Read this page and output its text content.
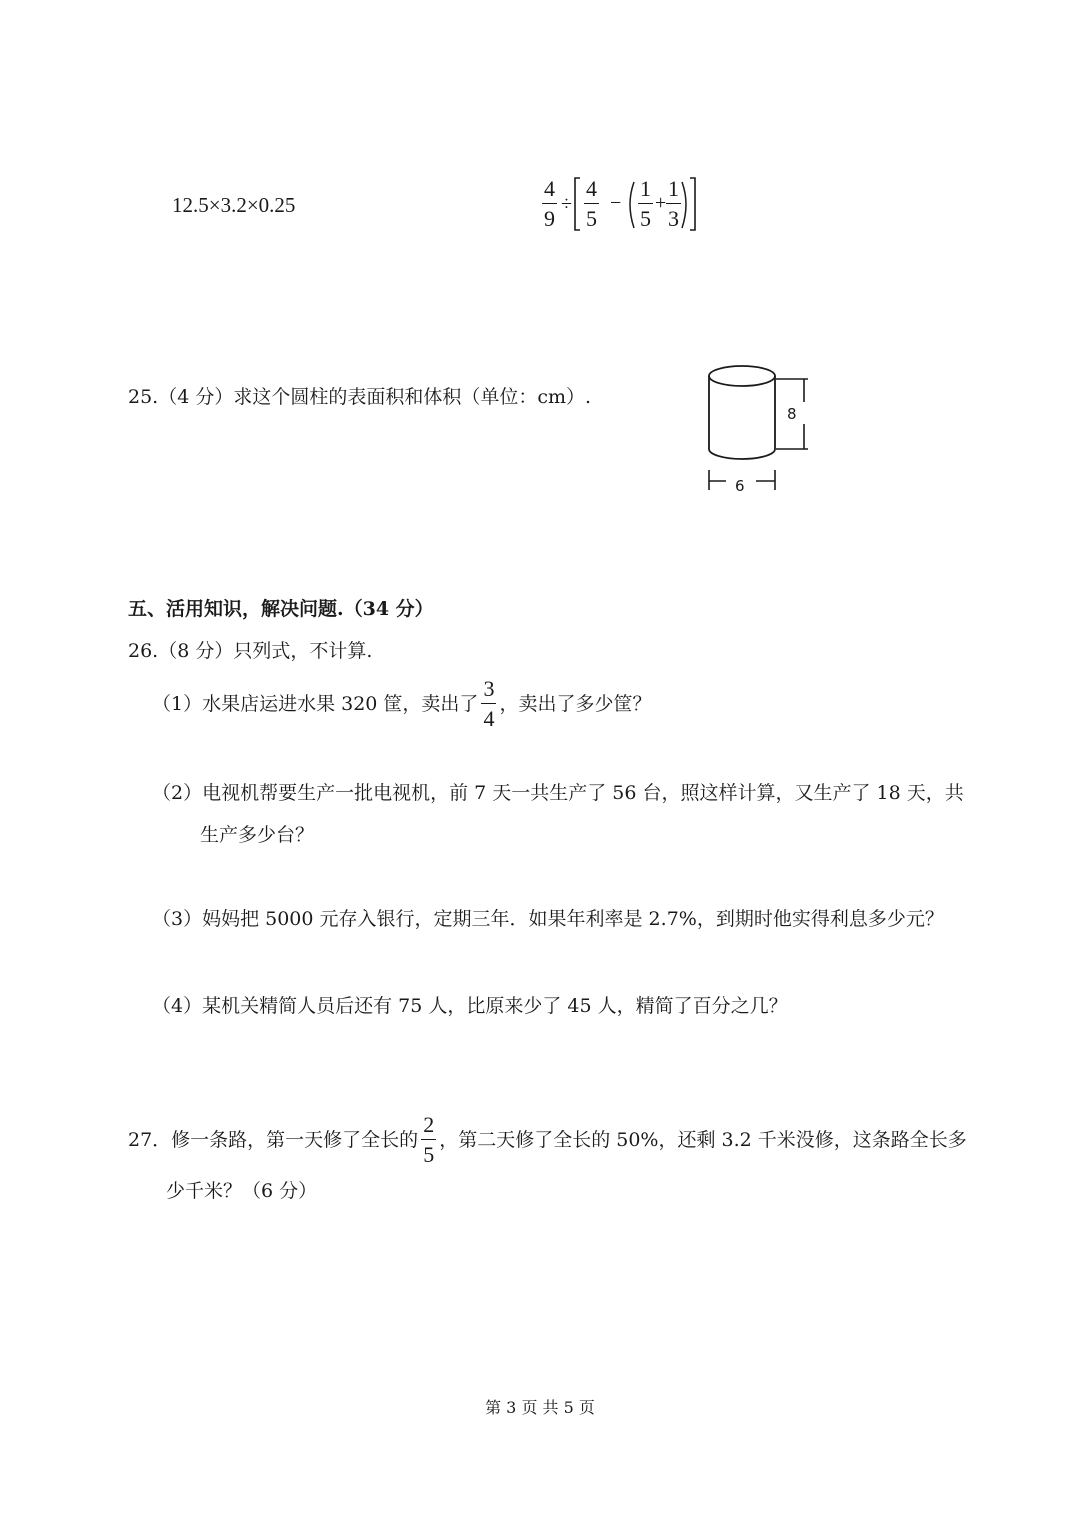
12.5×3.2×0.25	$\frac{4}{9} \div \frac{4}{5} - \frac{1}{5} + \frac{1}{3}$
25.（4 分）求这个圆柱的表面积和体积（单位：cm）.
8
6
五、活用知识，解决问题.（34 分）
26.（8 分）只列式，不计算.
（1）水果店运进水果 320 筐，卖出了 $\frac{3}{4}$ ，卖出了多少筐？
（2）电视机帮要生产一批电视机，前 7 天一共生产了 56 台，照这样计算，又生产了 18 天，共
生产多少台？
（3）妈妈把 5000 元存入银行，定期三年．如果年利率是 2.7%，到期时他实得利息多少元？
（4）某机关精简人员后还有 75 人，比原来少了 45 人，精简了百分之几？
27．修一条路，第一天修了全长的 $\frac{2}{5}$ ，第二天修了全长的 50%，还剩 3.2 千米没修，这条路全长多
少千米？（6 分）
第 3 页 共 5 页
